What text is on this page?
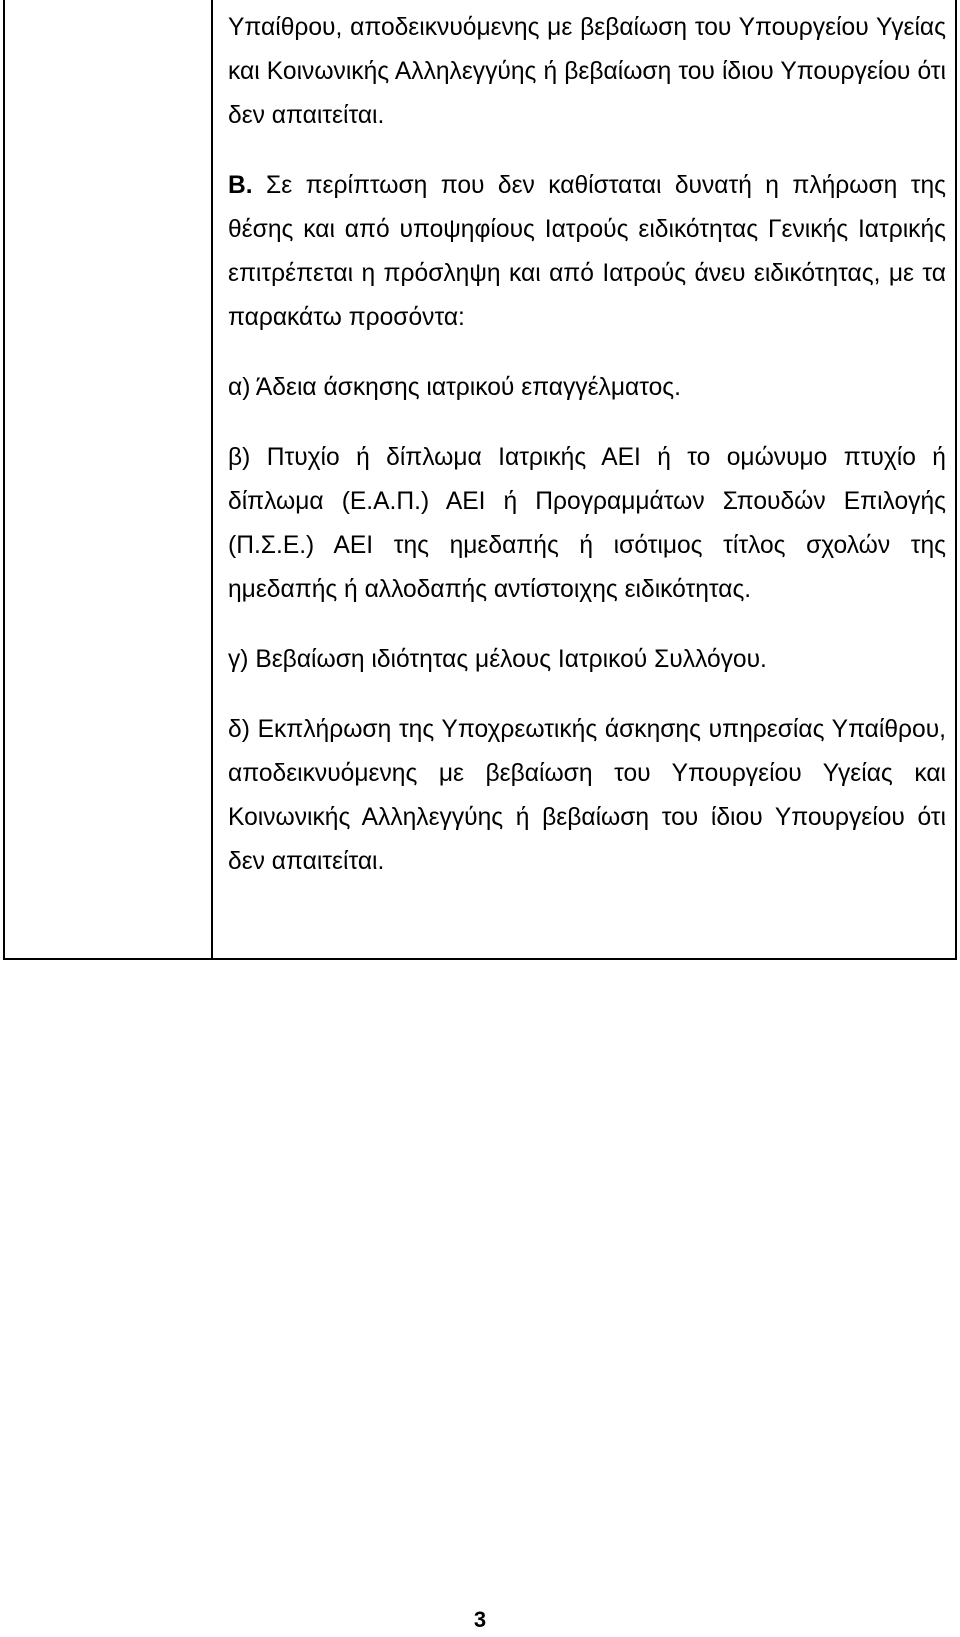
Υπαίθρου, αποδεικνυόμενης με βεβαίωση του Υπουργείου Υγείας και Κοινωνικής Αλληλεγγύης ή βεβαίωση του ίδιου Υπουργείου ότι δεν απαιτείται.

Β. Σε περίπτωση που δεν καθίσταται δυνατή η πλήρωση της θέσης και από υποψηφίους Ιατρούς ειδικότητας Γενικής Ιατρικής επιτρέπεται η πρόσληψη και από Ιατρούς άνευ ειδικότητας, με τα παρακάτω προσόντα:

α) Άδεια άσκησης ιατρικού επαγγέλματος.

β) Πτυχίο ή δίπλωμα Ιατρικής ΑΕΙ ή το ομώνυμο πτυχίο ή δίπλωμα (Ε.Α.Π.) ΑΕΙ ή Προγραμμάτων Σπουδών Επιλογής (Π.Σ.Ε.) ΑΕΙ της ημεδαπής ή ισότιμος τίτλος σχολών της ημεδαπής ή αλλοδαπής αντίστοιχης ειδικότητας.

γ) Βεβαίωση ιδιότητας μέλους Ιατρικού Συλλόγου.

δ) Εκπλήρωση της Υποχρεωτικής άσκησης υπηρεσίας Υπαίθρου, αποδεικνυόμενης με βεβαίωση του Υπουργείου Υγείας και Κοινωνικής Αλληλεγγύης ή βεβαίωση του ίδιου Υπουργείου ότι δεν απαιτείται.

3
